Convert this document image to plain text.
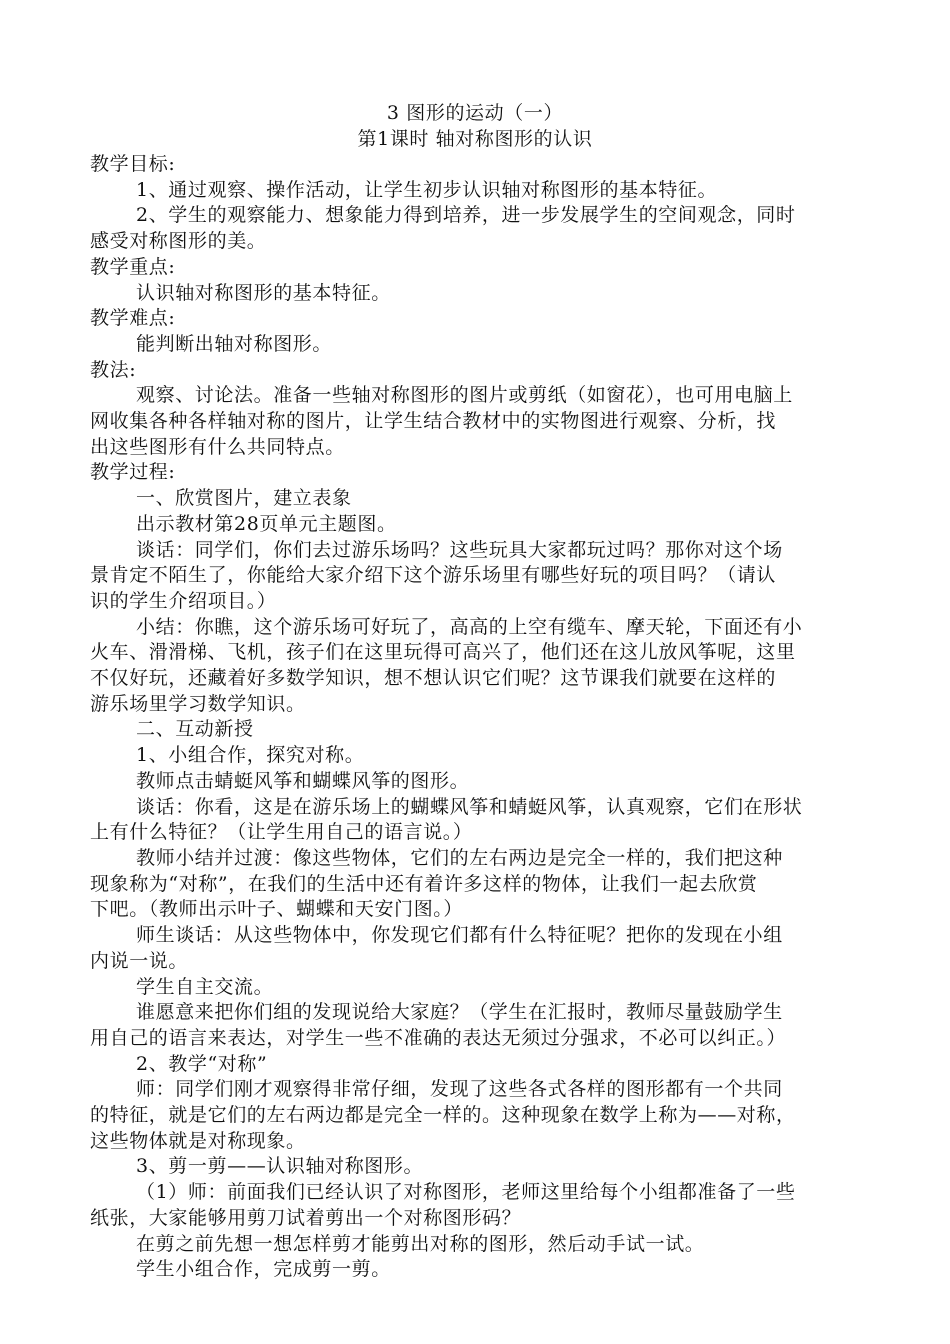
3 图形的运动（一）

第1课时 轴对称图形的认识

教学目标:

1、通过观察、操作活动，让学生初步认识轴对称图形的基本特征。

2、学生的观察能力、想象能力得到培养，进一步发展学生的空间观念，同时

感受对称图形的美。

教学重点:

认识轴对称图形的基本特征。

教学难点:

能判断出轴对称图形。

教法:

观察、讨论法。准备一些轴对称图形的图片或剪纸（如窗花），也可用电脑上

网收集各种各样轴对称的图片，让学生结合教材中的实物图进行观察、分析，找

出这些图形有什么共同特点。

教学过程:

一、欣赏图片，建立表象

出示教材第28页单元主题图。

谈话：同学们，你们去过游乐场吗？这些玩具大家都玩过吗？那你对这个场

景肯定不陌生了，你能给大家介绍下这个游乐场里有哪些好玩的项目吗？（请认

识的学生介绍项目。）

小结：你瞧，这个游乐场可好玩了，高高的上空有缆车、摩天轮，下面还有小

火车、滑滑梯、飞机，孩子们在这里玩得可高兴了，他们还在这儿放风筝呢，这里

不仅好玩，还藏着好多数学知识，想不想认识它们呢？这节课我们就要在这样的

游乐场里学习数学知识。

二、互动新授

1、小组合作，探究对称。

教师点击蜻蜓风筝和蝴蝶风筝的图形。

谈话：你看，这是在游乐场上的蝴蝶风筝和蜻蜓风筝，认真观察，它们在形状

上有什么特征？（让学生用自己的语言说。）

教师小结并过渡：像这些物体，它们的左右两边是完全一样的，我们把这种

现象称为“对称”，在我们的生活中还有着许多这样的物体，让我们一起去欣赏

下吧。（教师出示叶子、蝴蝶和天安门图。）

师生谈话：从这些物体中，你发现它们都有什么特征呢？把你的发现在小组

内说一说。

学生自主交流。

谁愿意来把你们组的发现说给大家庭？（学生在汇报时，教师尽量鼓励学生

用自己的语言来表达，对学生一些不准确的表达无须过分强求，不必可以纠正。）

2、教学“对称”

师：同学们刚才观察得非常仔细，发现了这些各式各样的图形都有一个共同

的特征，就是它们的左右两边都是完全一样的。这种现象在数学上称为——对称，

这些物体就是对称现象。

3、剪一剪——认识轴对称图形。

（1）师：前面我们已经认识了对称图形，老师这里给每个小组都准备了一些

纸张，大家能够用剪刀试着剪出一个对称图形码？

在剪之前先想一想怎样剪才能剪出对称的图形，然后动手试一试。

学生小组合作，完成剪一剪。
